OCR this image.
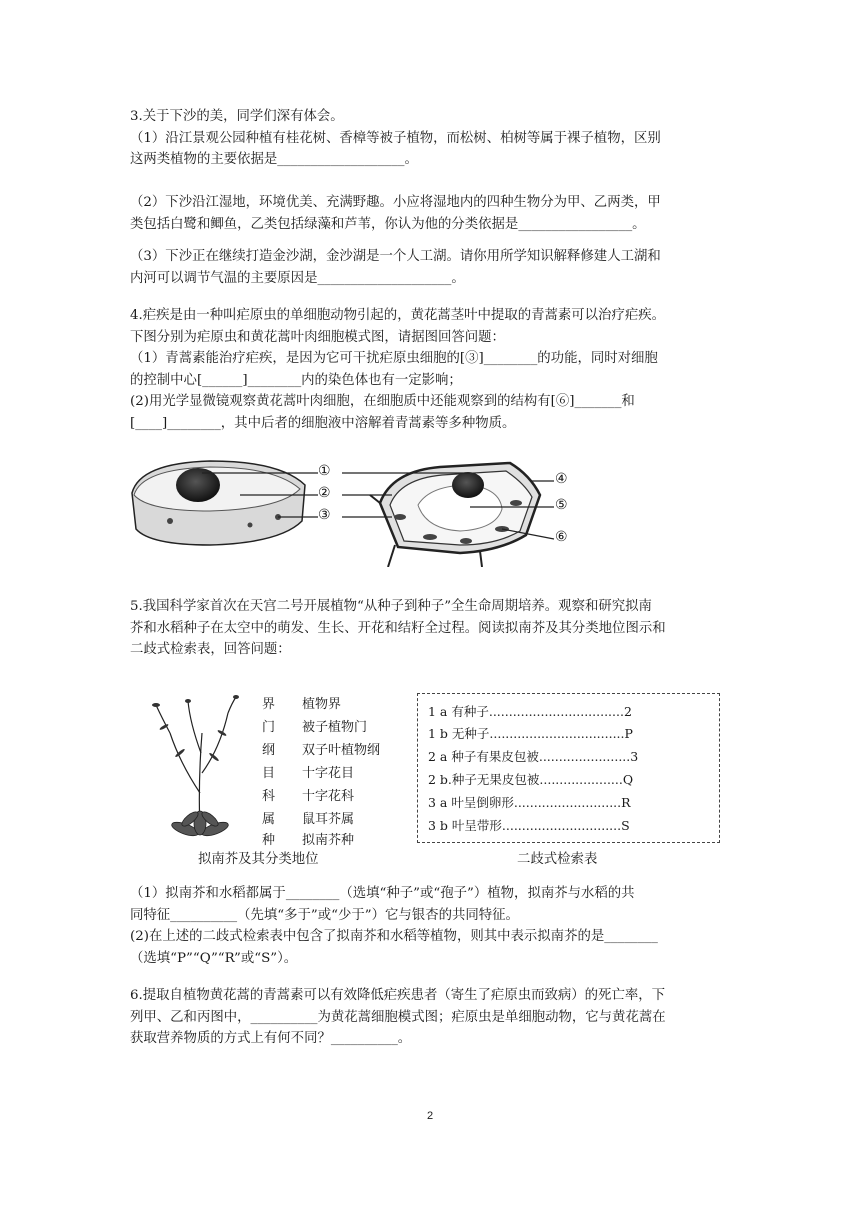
3.关于下沙的美，同学们深有体会。
（1）沿江景观公园种植有桂花树、香樟等被子植物，而松树、柏树等属于裸子植物，区别
这两类植物的主要依据是___________________。
（2）下沙沿江湿地，环境优美、充满野趣。小应将湿地内的四种生物分为甲、乙两类，甲
类包括白鹭和鲫鱼，乙类包括绿藻和芦苇，你认为他的分类依据是_________________。
（3）下沙正在继续打造金沙湖，金沙湖是一个人工湖。请你用所学知识解释修建人工湖和
内河可以调节气温的主要原因是____________________。
4.疟疾是由一种叫疟原虫的单细胞动物引起的，黄花蒿茎叶中提取的青蒿素可以治疗疟疾。
下图分别为疟原虫和黄花蒿叶肉细胞模式图，请据图回答问题：
（1）青蒿素能治疗疟疾，是因为它可干扰疟原虫细胞的[③]________的功能，同时对细胞
的控制中心[______]________内的染色体也有一定影响；
(2)用光学显微镜观察黄花蒿叶肉细胞，在细胞质中还能观察到的结构有[⑥]_______和
[____]________，其中后者的细胞液中溶解着青蒿素等多种物质。
①
②
③
④
⑤
⑥
5.我国科学家首次在天宫二号开展植物“从种子到种子”全生命周期培养。观察和研究拟南
芥和水稻种子在太空中的萌发、生长、开花和结籽全过程。阅读拟南芥及其分类地位图示和
二歧式检索表，回答问题：
界 植物界
门 被子植物门
纲 双子叶植物纲
目 十字花目
科 十字花科
属 鼠耳芥属
种 拟南芥种
拟南芥及其分类地位
1 a 有种子..................................2
1 b 无种子..................................P
2 a 种子有果皮包被.......................3
2 b.种子无果皮包被.....................Q
3 a 叶呈倒卵形...........................R
3 b 叶呈带形..............................S
二歧式检索表
（1）拟南芥和水稻都属于________（选填“种子”或“孢子”）植物，拟南芥与水稻的共
同特征__________（先填“多于”或“少于”）它与银杏的共同特征。
(2)在上述的二歧式检索表中包含了拟南芥和水稻等植物，则其中表示拟南芥的是________
（选填“P”“Q”“R”或“S”）。
6.提取自植物黄花蒿的青蒿素可以有效降低疟疾患者（寄生了疟原虫而致病）的死亡率，下
列甲、乙和丙图中，__________为黄花蒿细胞模式图；疟原虫是单细胞动物，它与黄花蒿在
获取营养物质的方式上有何不同？__________。
2
